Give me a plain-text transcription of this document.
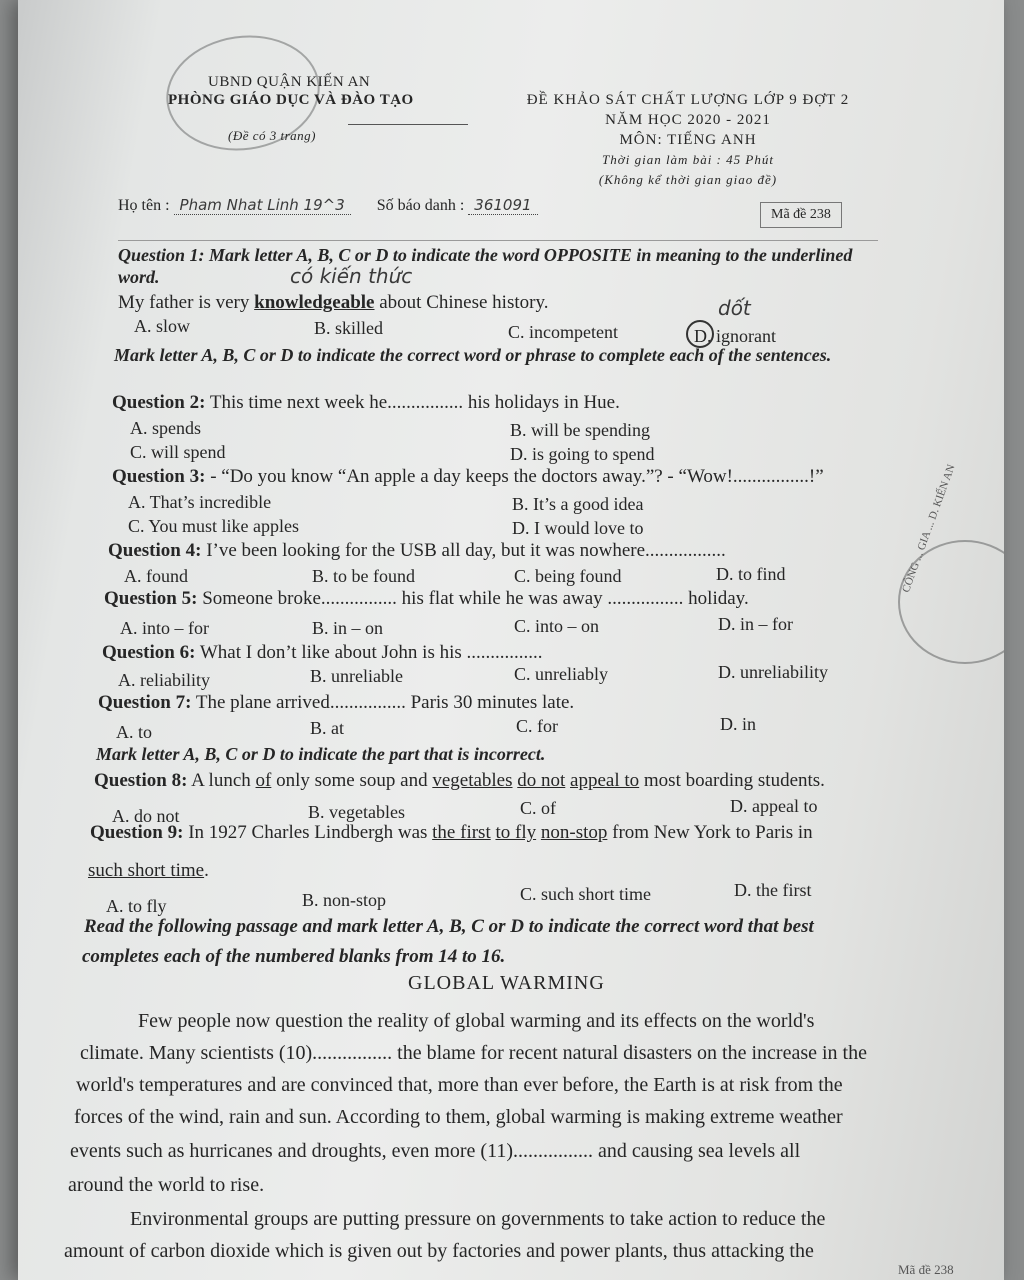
UBND QUẬN KIẾN AN
PHÒNG GIÁO DỤC VÀ ĐÀO TẠO
(Đề có 3 trang)
ĐỀ KHẢO SÁT CHẤT LƯỢNG LỚP 9 ĐỢT 2
NĂM HỌC 2020 - 2021
MÔN: TIẾNG ANH
Thời gian làm bài : 45 Phút
(Không kể thời gian giao đề)
Họ tên : Pham Nhat Linh 19^3 Số báo danh : 361091
Mã đề 238
Question 1: Mark letter A, B, C or D to indicate the word OPPOSITE in meaning to the underlined word.	có kiến thức
My father is very knowledgeable about Chinese history.	dốt
A. slow	B. skilled	C. incompetent	D. ignorant
Mark letter A, B, C or D to indicate the correct word or phrase to complete each of the sentences.
Question 2: This time next week he................ his holidays in Hue.
A. spends	B. will be spending
C. will spend	D. is going to spend
Question 3: - “Do you know “An apple a day keeps the doctors away.”? - “Wow!................!”
A. That’s incredible	B. It’s a good idea
C. You must like apples	D. I would love to
Question 4: I’ve been looking for the USB all day, but it was nowhere.................
A. found	B. to be found	C. being found	D. to find	CÔNG ... GIA ... D. KIẾN AN
Question 5: Someone broke................ his flat while he was away ................ holiday.
A. into – for	B. in – on	C. into – on	D. in – for
Question 6: What I don’t like about John is his ................
A. reliability	B. unreliable	C. unreliably	D. unreliability
Question 7: The plane arrived................ Paris 30 minutes late.
A. to	B. at	C. for	D. in
Mark letter A, B, C or D to indicate the part that is incorrect.
Question 8: A lunch of only some soup and vegetables do not appeal to most boarding students.
A. do not	B. vegetables	C. of	D. appeal to
Question 9: In 1927 Charles Lindbergh was the first to fly non-stop from New York to Paris in
such short time.
A. to fly	B. non-stop	C. such short time	D. the first
Read the following passage and mark letter A, B, C or D to indicate the correct word that best
completes each of the numbered blanks from 14 to 16.
GLOBAL WARMING
Few people now question the reality of global warming and its effects on the world's
climate. Many scientists (10)................ the blame for recent natural disasters on the increase in the
world's temperatures and are convinced that, more than ever before, the Earth is at risk from the
forces of the wind, rain and sun. According to them, global warming is making extreme weather
events such as hurricanes and droughts, even more (11)................ and causing sea levels all
around the world to rise.
Environmental groups are putting pressure on governments to take action to reduce the
amount of carbon dioxide which is given out by factories and power plants, thus attacking the
Mã đề 238
